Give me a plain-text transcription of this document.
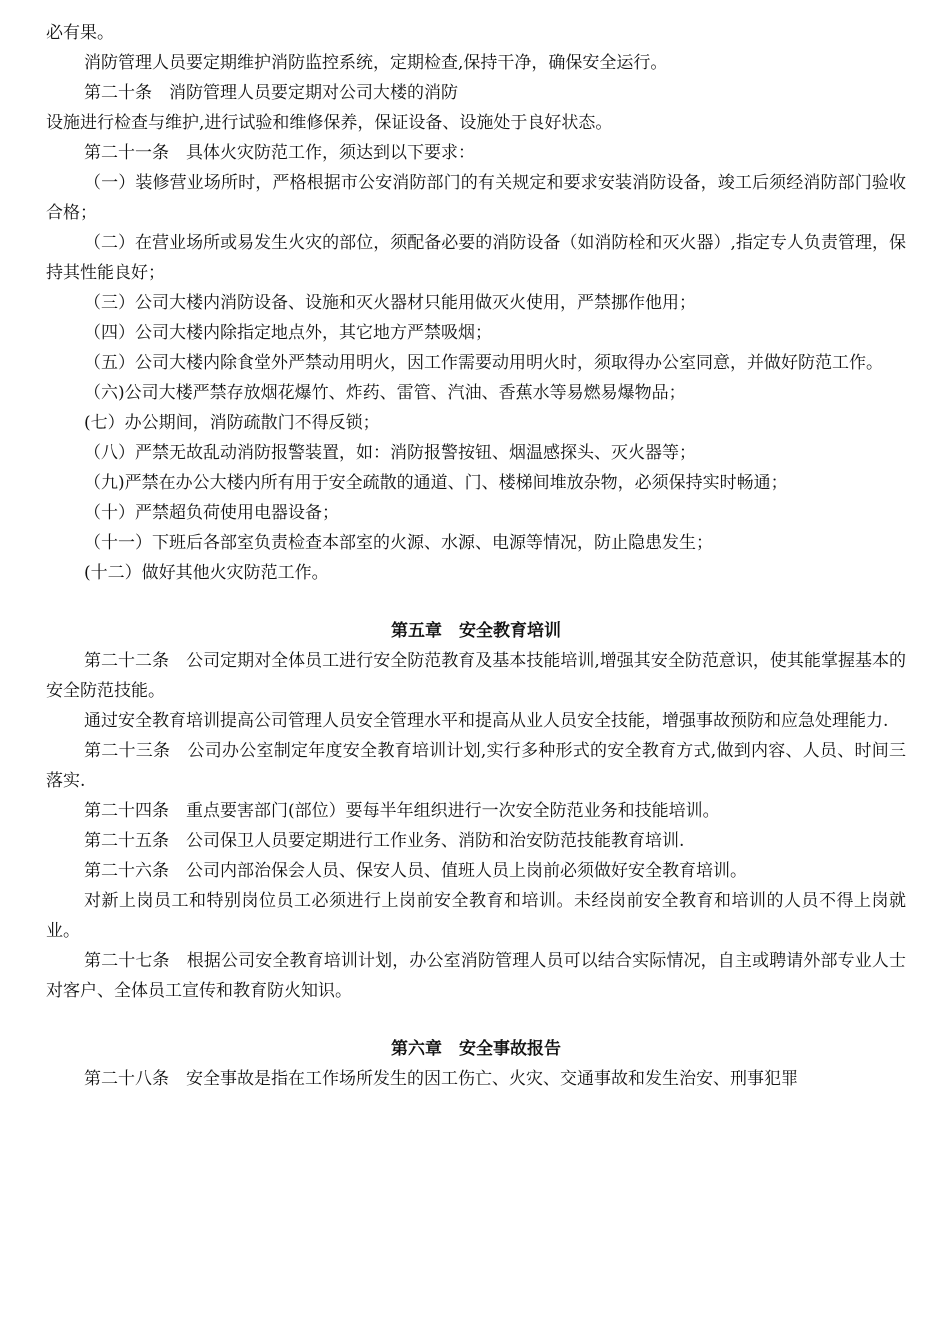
必有果。

消防管理人员要定期维护消防监控系统，定期检查,保持干净，确保安全运行。

第二十条　消防管理人员要定期对公司大楼的消防

设施进行检查与维护,进行试验和维修保养，保证设备、设施处于良好状态。

第二十一条　具体火灾防范工作，须达到以下要求：

（一）装修营业场所时，严格根据市公安消防部门的有关规定和要求安装消防设备，竣工后须经消防部门验收合格；

（二）在营业场所或易发生火灾的部位，须配备必要的消防设备（如消防栓和灭火器）,指定专人负责管理，保持其性能良好；

（三）公司大楼内消防设备、设施和灭火器材只能用做灭火使用，严禁挪作他用；

（四）公司大楼内除指定地点外，其它地方严禁吸烟；

（五）公司大楼内除食堂外严禁动用明火，因工作需要动用明火时，须取得办公室同意，并做好防范工作。

（六)公司大楼严禁存放烟花爆竹、炸药、雷管、汽油、香蕉水等易燃易爆物品；

(七）办公期间，消防疏散门不得反锁；

（八）严禁无故乱动消防报警装置，如：消防报警按钮、烟温感探头、灭火器等；

（九)严禁在办公大楼内所有用于安全疏散的通道、门、楼梯间堆放杂物，必须保持实时畅通；

（十）严禁超负荷使用电器设备；

（十一）下班后各部室负责检查本部室的火源、水源、电源等情况，防止隐患发生；

(十二）做好其他火灾防范工作。

第五章　安全教育培训

第二十二条　公司定期对全体员工进行安全防范教育及基本技能培训,增强其安全防范意识，使其能掌握基本的安全防范技能。

通过安全教育培训提高公司管理人员安全管理水平和提高从业人员安全技能，增强事故预防和应急处理能力.

第二十三条　公司办公室制定年度安全教育培训计划,实行多种形式的安全教育方式,做到内容、人员、时间三落实.

第二十四条　重点要害部门(部位）要每半年组织进行一次安全防范业务和技能培训。

第二十五条　公司保卫人员要定期进行工作业务、消防和治安防范技能教育培训.

第二十六条　公司内部治保会人员、保安人员、值班人员上岗前必须做好安全教育培训。

对新上岗员工和特别岗位员工必须进行上岗前安全教育和培训。未经岗前安全教育和培训的人员不得上岗就业。

第二十七条　根据公司安全教育培训计划，办公室消防管理人员可以结合实际情况，自主或聘请外部专业人士对客户、全体员工宣传和教育防火知识。

第六章　安全事故报告

第二十八条　安全事故是指在工作场所发生的因工伤亡、火灾、交通事故和发生治安、刑事犯罪
